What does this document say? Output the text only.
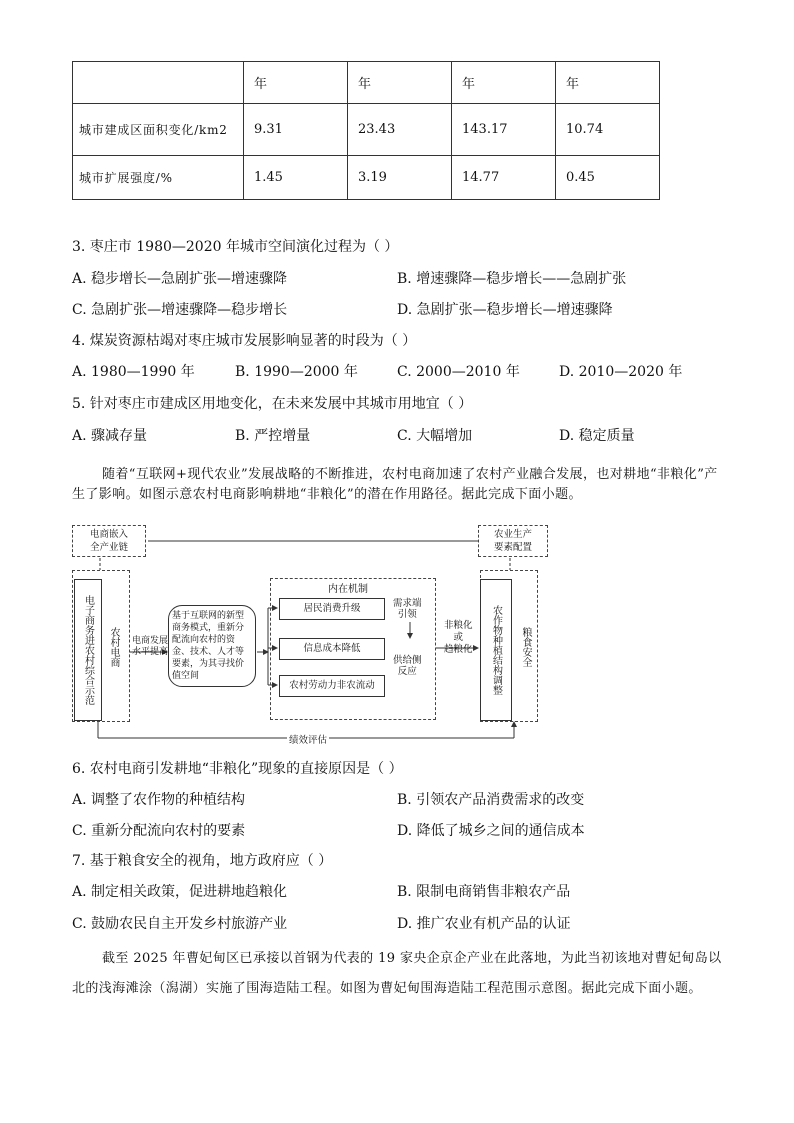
	年	年	年	年
城市建成区面积变化/km2	9.31	23.43	143.17	10.74
城市扩展强度/%	1.45	3.19	14.77	0.45
3. 枣庄市 1980—2020 年城市空间演化过程为（ ）
A. 稳步增长—急剧扩张—增速骤降	B. 增速骤降—稳步增长——急剧扩张
C. 急剧扩张—增速骤降—稳步增长	D. 急剧扩张—稳步增长—增速骤降
4. 煤炭资源枯竭对枣庄城市发展影响显著的时段为（ ）
A. 1980—1990 年	B. 1990—2000 年	C. 2000—2010 年	D. 2010—2020 年
5. 针对枣庄市建成区用地变化，在未来发展中其城市用地宜（ ）
A. 骤减存量	B. 严控增量	C. 大幅增加	D. 稳定质量
随着“互联网+现代农业”发展战略的不断推进，农村电商加速了农村产业融合发展，也对耕地“非粮化”产生了影响。如图示意农村电商影响耕地“非粮化”的潜在作用路径。据此完成下面小题。
电商嵌入
全产业链
农业生产
要素配置
电子商务进农村综合示范	农村电商 电商发展
水平提高
基于互联网的新型商务模式，重新分配流向农村的资金、技术、人才等要素，为其寻找价值空间
内在机制
居民消费升级
信息成本降低
农村劳动力非农流动
需求端
引领
供给侧
反应
非粮化
或
趋粮化	农作物种植结构调整	粮食安全
绩效评估
6. 农村电商引发耕地“非粮化”现象的直接原因是（ ）
A. 调整了农作物的种植结构	B. 引领农产品消费需求的改变
C. 重新分配流向农村的要素	D. 降低了城乡之间的通信成本
7. 基于粮食安全的视角，地方政府应（ ）
A. 制定相关政策，促进耕地趋粮化	B. 限制电商销售非粮农产品
C. 鼓励农民自主开发乡村旅游产业	D. 推广农业有机产品的认证
截至 2025 年曹妃甸区已承接以首钢为代表的 19 家央企京企产业在此落地，为此当初该地对曹妃甸岛以北的浅海滩涂（潟湖）实施了围海造陆工程。如图为曹妃甸围海造陆工程范围示意图。据此完成下面小题。
